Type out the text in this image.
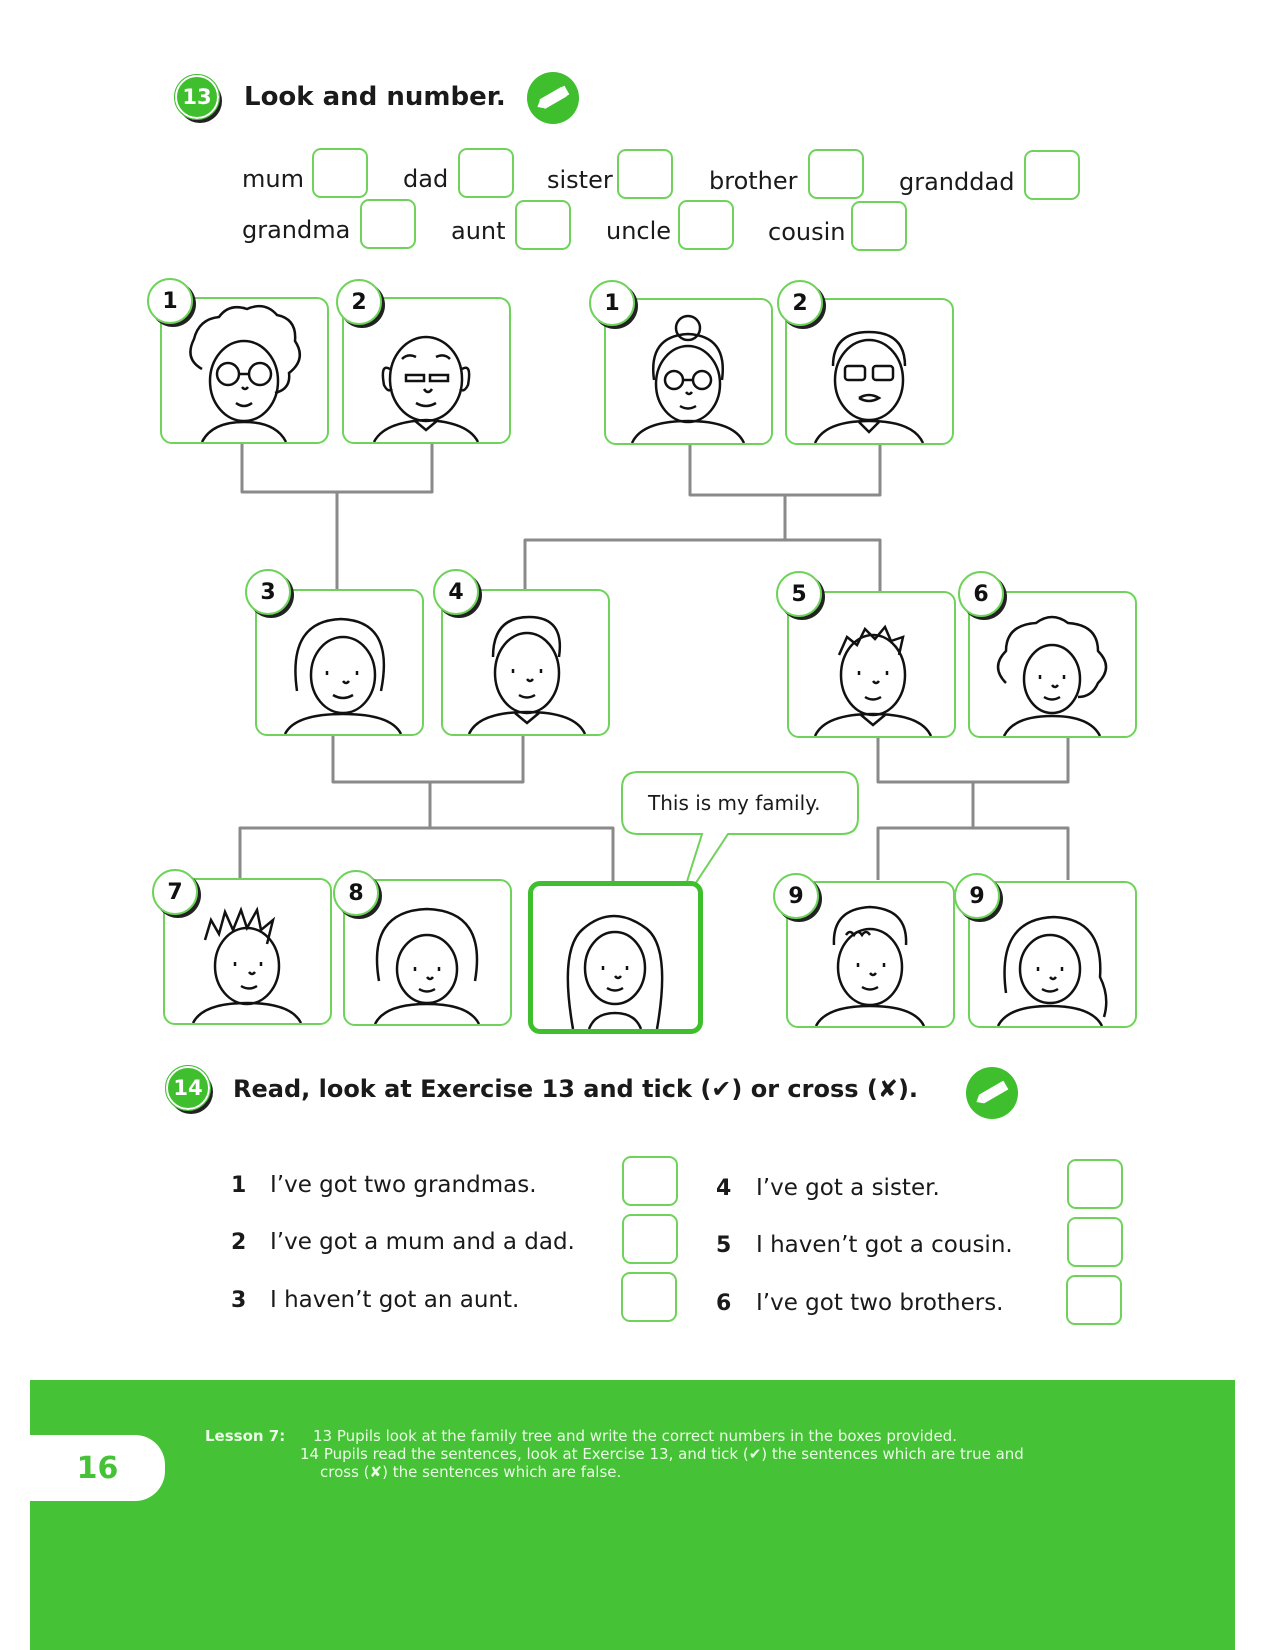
13 Look and number.
mum	dad	sister	brother	granddad
grandma	aunt	uncle	cousin
1	2	1	2
3	4	5	6
This is my family.
7	8	9	9
14	Read, look at Exercise 13 and tick (✔) or cross (✘).
1 I’ve got two grandmas.
2 I’ve got a mum and a dad.
3 I haven’t got an aunt.
4 I’ve got a sister.
5 I haven’t got a cousin.
6 I’ve got two brothers.
16
Lesson 7: 13 Pupils look at the family tree and write the correct numbers in the boxes provided.
14 Pupils read the sentences, look at Exercise 13, and tick (✔) the sentences which are true and
cross (✘) the sentences which are false.
